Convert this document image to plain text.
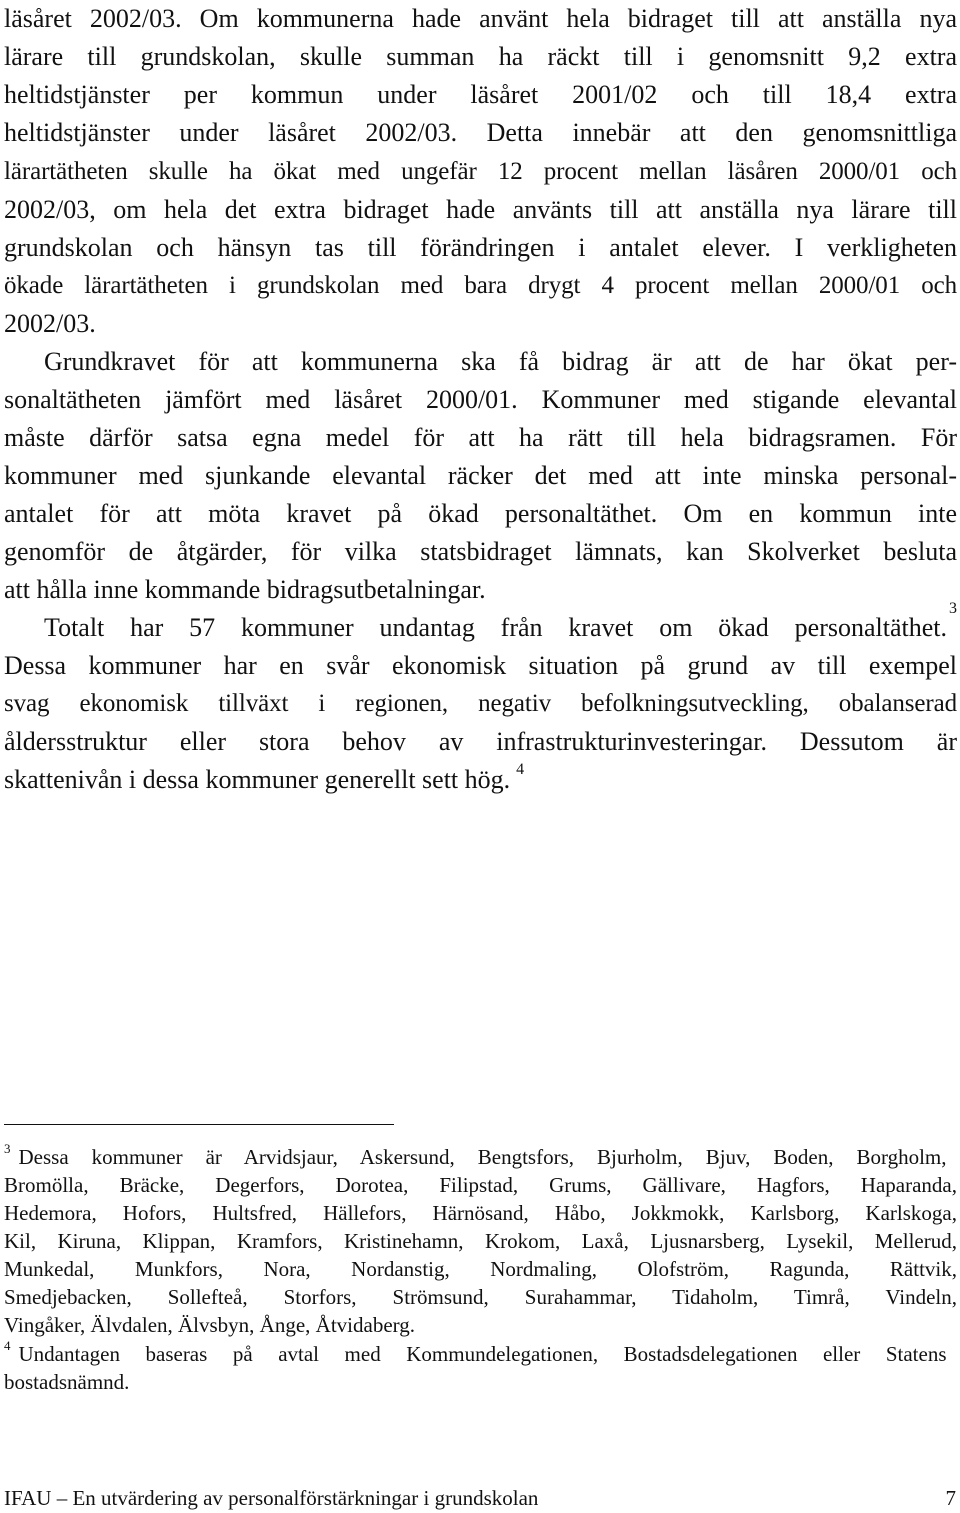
läsåret 2002/03. Om kommunerna hade använt hela bidraget till att anställa nya
lärare till grundskolan, skulle summan ha räckt till i genomsnitt 9,2 extra
heltidstjänster per kommun under läsåret 2001/02 och till 18,4 extra
heltidstjänster under läsåret 2002/03. Detta innebär att den genomsnittliga
lärartätheten skulle ha ökat med ungefär 12 procent mellan läsåren 2000/01 och
2002/03, om hela det extra bidraget hade använts till att anställa nya lärare till
grundskolan och hänsyn tas till förändringen i antalet elever. I verkligheten
ökade lärartätheten i grundskolan med bara drygt 4 procent mellan 2000/01 och
2002/03.
Grundkravet för att kommunerna ska få bidrag är att de har ökat per-
sonaltätheten jämfört med läsåret 2000/01. Kommuner med stigande elevantal
måste därför satsa egna medel för att ha rätt till hela bidragsramen. För
kommuner med sjunkande elevantal räcker det med att inte minska personal-
antalet för att möta kravet på ökad personaltäthet. Om en kommun inte
genomför de åtgärder, för vilka statsbidraget lämnats, kan Skolverket besluta
att hålla inne kommande bidragsutbetalningar.
Totalt har 57 kommuner undantag från kravet om ökad personaltäthet.
3
Dessa kommuner har en svår ekonomisk situation på grund av till exempel
svag ekonomisk tillväxt i regionen, negativ befolkningsutveckling, obalanserad
åldersstruktur eller stora behov av infrastrukturinvesteringar. Dessutom är
skattenivån i dessa kommuner generellt sett hög. $^4$
$^3$ Dessa kommuner är Arvidsjaur, Askersund, Bengtsfors, Bjurholm, Bjuv, Boden, Borgholm,
Bromölla, Bräcke, Degerfors, Dorotea, Filipstad, Grums, Gällivare, Hagfors, Haparanda,
Hedemora, Hofors, Hultsfred, Hällefors, Härnösand, Håbo, Jokkmokk, Karlsborg, Karlskoga,
Kil, Kiruna, Klippan, Kramfors, Kristinehamn, Krokom, Laxå, Ljusnarsberg, Lysekil, Mellerud,
Munkedal, Munkfors, Nora, Nordanstig, Nordmaling, Olofström, Ragunda, Rättvik,
Smedjebacken, Sollefteå, Storfors, Strömsund, Surahammar, Tidaholm, Timrå, Vindeln,
Vingåker, Älvdalen, Älvsbyn, Ånge, Åtvidaberg.
$^4$ Undantagen baseras på avtal med Kommundelegationen, Bostadsdelegationen eller Statens
bostadsnämnd.
IFAU – En utvärdering av personalförstärkningar i grundskolan	7
